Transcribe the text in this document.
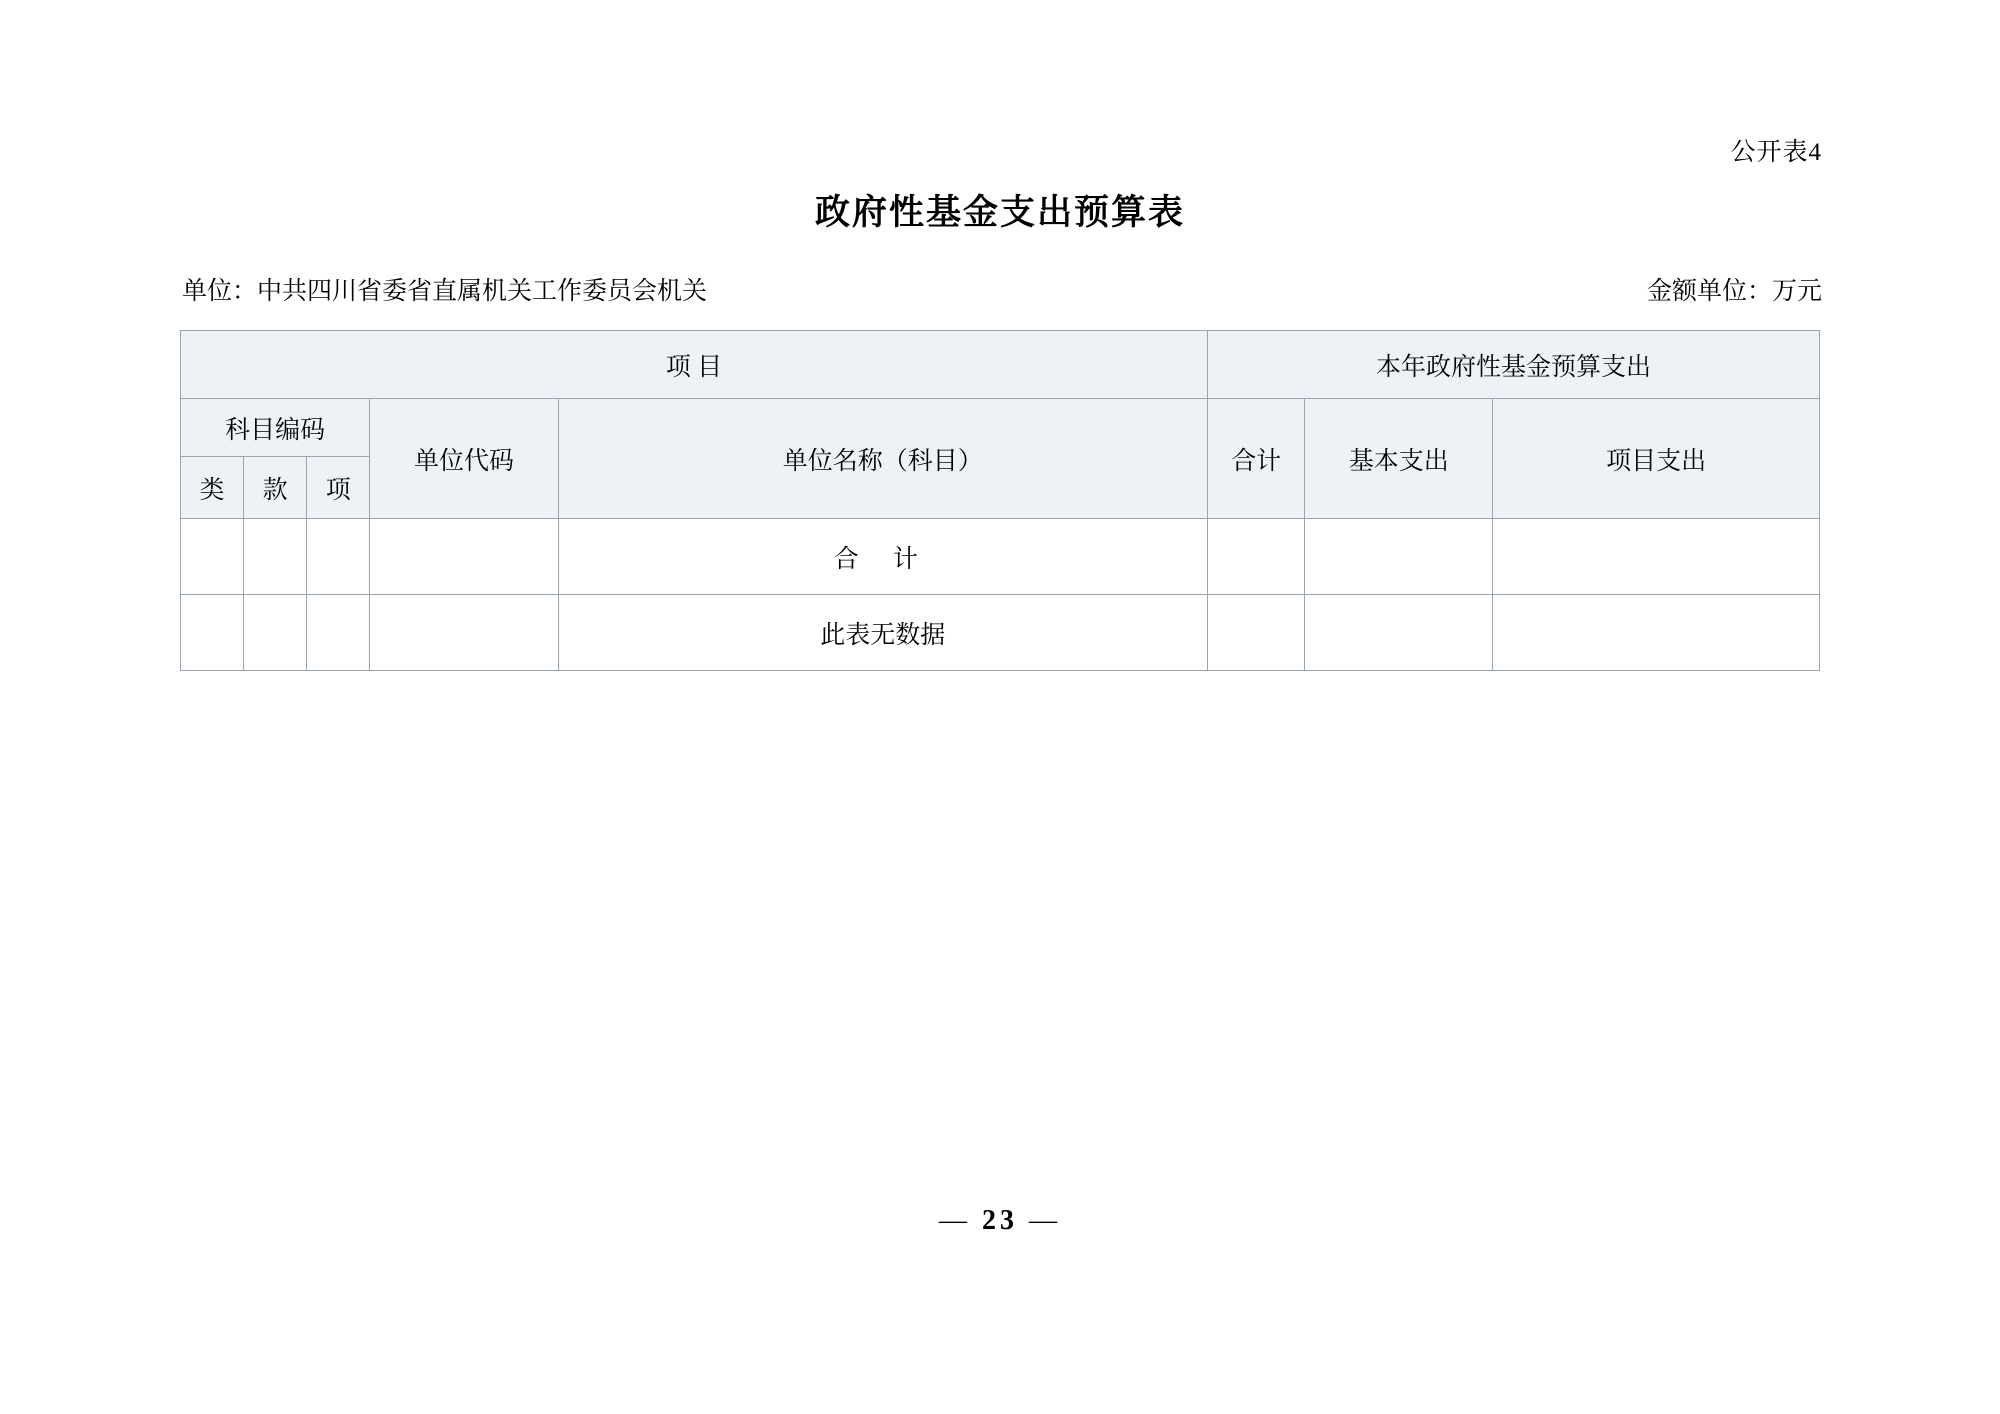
公开表4
政府性基金支出预算表
单位：中共四川省委省直属机关工作委员会机关	金额单位：万元
项 目					本年政府性基金预算支出		
科目编码			单位代码	单位名称（科目）	合计	基本支出	项目支出
类	款	项					
				合 计			
				此表无数据			
— 23 —
